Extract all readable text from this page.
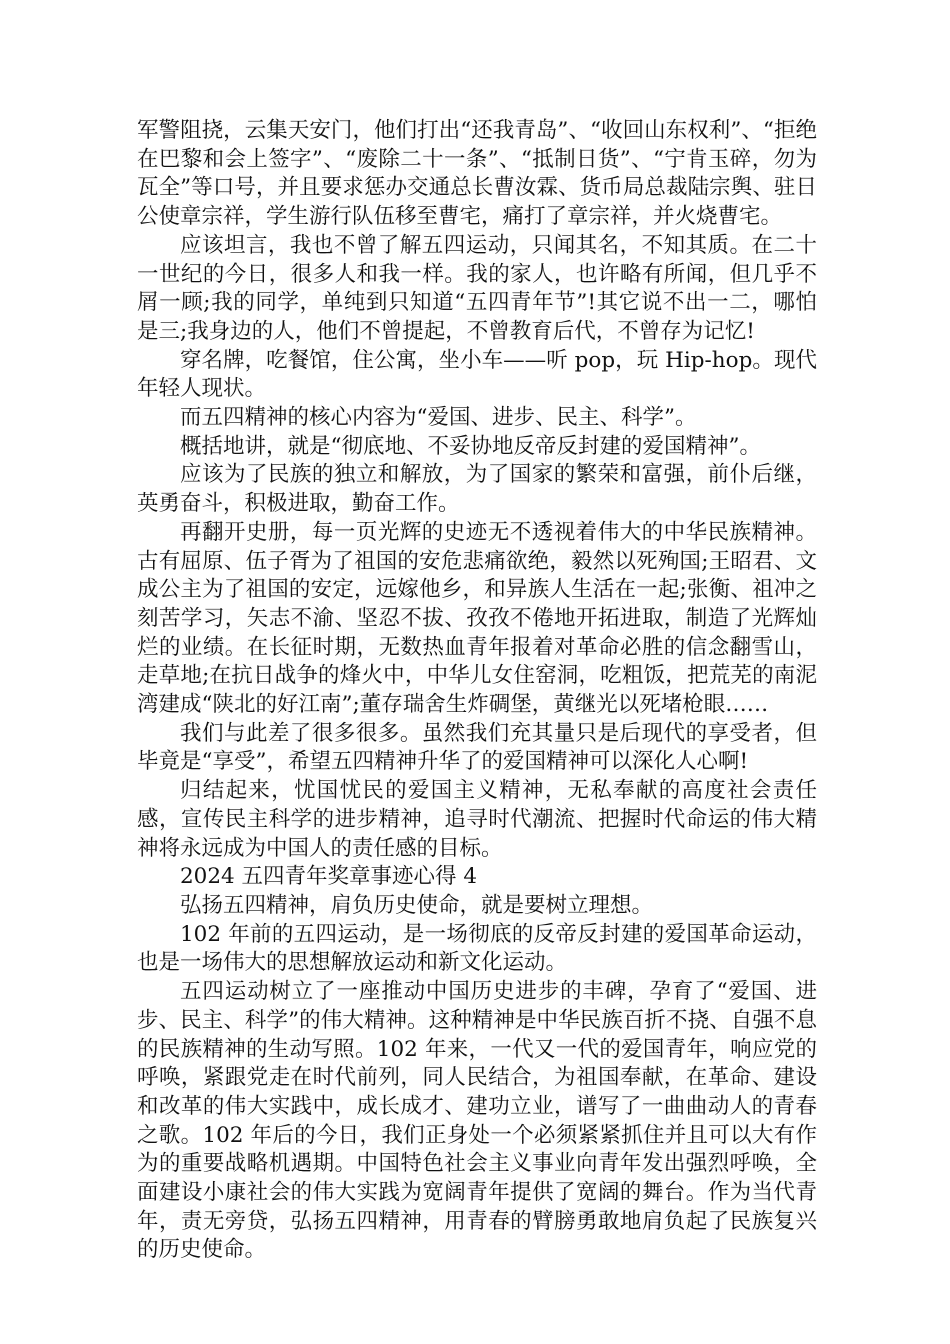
军警阻挠，云集天安门，他们打出“还我青岛”、“收回山东权利”、“拒绝在巴黎和会上签字”、“废除二十一条”、“抵制日货”、“宁肯玉碎，勿为瓦全”等口号，并且要求惩办交通总长曹汝霖、货币局总裁陆宗舆、驻日公使章宗祥，学生游行队伍移至曹宅，痛打了章宗祥，并火烧曹宅。

应该坦言，我也不曾了解五四运动，只闻其名，不知其质。在二十一世纪的今日，很多人和我一样。我的家人，也许略有所闻，但几乎不屑一顾;我的同学，单纯到只知道“五四青年节”!其它说不出一二，哪怕是三;我身边的人，他们不曾提起，不曾教育后代，不曾存为记忆!

穿名牌，吃餐馆，住公寓，坐小车——听 pop，玩 Hip-hop。现代年轻人现状。

而五四精神的核心内容为“爱国、进步、民主、科学”。

概括地讲，就是“彻底地、不妥协地反帝反封建的爱国精神”。

应该为了民族的独立和解放，为了国家的繁荣和富强，前仆后继，英勇奋斗，积极进取，勤奋工作。

再翻开史册，每一页光辉的史迹无不透视着伟大的中华民族精神。古有屈原、伍子胥为了祖国的安危悲痛欲绝，毅然以死殉国;王昭君、文成公主为了祖国的安定，远嫁他乡，和异族人生活在一起;张衡、祖冲之刻苦学习，矢志不渝、坚忍不拔、孜孜不倦地开拓进取，制造了光辉灿烂的业绩。在长征时期，无数热血青年报着对革命必胜的信念翻雪山，走草地;在抗日战争的烽火中，中华儿女住窑洞，吃粗饭，把荒芜的南泥湾建成“陕北的好江南”;董存瑞舍生炸碉堡，黄继光以死堵枪眼……

我们与此差了很多很多。虽然我们充其量只是后现代的享受者，但毕竟是“享受”，希望五四精神升华了的爱国精神可以深化人心啊!

归结起来，忧国忧民的爱国主义精神，无私奉献的高度社会责任感，宣传民主科学的进步精神，追寻时代潮流、把握时代命运的伟大精神将永远成为中国人的责任感的目标。

2024 五四青年奖章事迹心得 4

弘扬五四精神，肩负历史使命，就是要树立理想。

102 年前的五四运动，是一场彻底的反帝反封建的爱国革命运动，也是一场伟大的思想解放运动和新文化运动。

五四运动树立了一座推动中国历史进步的丰碑，孕育了“爱国、进步、民主、科学”的伟大精神。这种精神是中华民族百折不挠、自强不息的民族精神的生动写照。102 年来，一代又一代的爱国青年，响应党的呼唤，紧跟党走在时代前列，同人民结合，为祖国奉献，在革命、建设和改革的伟大实践中，成长成才、建功立业，谱写了一曲曲动人的青春之歌。102 年后的今日，我们正身处一个必须紧紧抓住并且可以大有作为的重要战略机遇期。中国特色社会主义事业向青年发出强烈呼唤，全面建设小康社会的伟大实践为宽阔青年提供了宽阔的舞台。作为当代青年，责无旁贷，弘扬五四精神，用青春的臂膀勇敢地肩负起了民族复兴的历史使命。
